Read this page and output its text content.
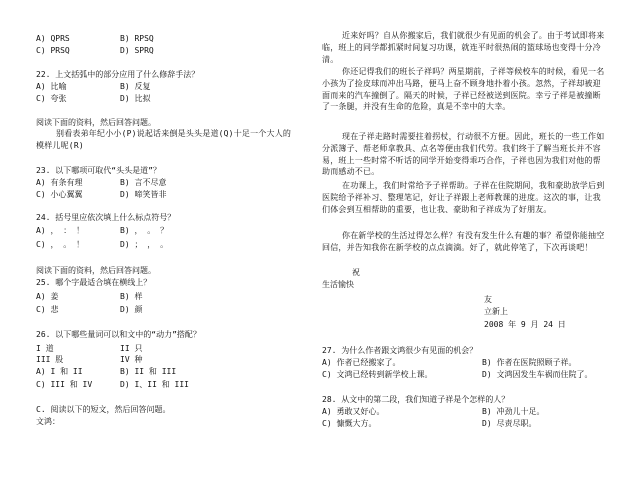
A) QPRS	B) RPSQ
C) PRSQ	D) SPRQ
22. 上文括弧中的部分应用了什么修辞手法？
A) 比喻	B) 反复
C) 夸张	D) 比拟
阅读下面的资料，然后回答问题。
别看表弟年纪小小(P)说起话来倒是头头是道(Q)十足一个大人的模样儿呢(R)
23. 以下哪项可取代“头头是道”？
A) 有条有理	B) 言不尽意
C) 小心翼翼	D) 啼笑皆非
24. 括号里应依次填上什么标点符号？
A) ， ： ！	B) ， 。 ？
C) ， 。 ！	D) ； ， 。
阅读下面的资料，然后回答问题。
25. 哪个字最适合填在横线上？
A) 姜	B) 样
C) 悲	D) 颜
26. 以下哪些量词可以和文中的“动力”搭配？
I 道	II 只
III 股	IV 种
A) I 和 II	B) II 和 III
C) III 和 IV	D) I、II 和 III
C. 阅读以下的短文，然后回答问题。
文鸿：
近来好吗？自从你搬家后，我们就很少有见面的机会了。由于考试即将来临，班上的同学都抓紧时间复习功课，就连平时很热闹的篮球场也变得十分冷清。
你还记得我们的班长子祥吗？两星期前，子祥等候校车的时候，看见一名小孩为了捡皮球而冲出马路，便马上奋不顾身地扑着小孩。忽然，子祥却被迎面而来的汽车撞倒了。隔天的时候，子祥已经被送到医院。幸亏子祥是被撞断了一条腿，并没有生命的危险，真是不幸中的大幸。
现在子祥走路时需要拄着拐杖，行动很不方便。因此，班长的一些工作如分派簿子、帮老师拿教具、点名等便由我们代劳。我们终于了解当班长并不容易，班上一些时常不听话的同学开始变得乖巧合作，子祥也因为我们对他的帮助而感动不已。
在功课上，我们时常给予子祥帮助。子祥在住院期间，我和豪助放学后到医院给予祥补习、整理笔记，好让子祥跟上老师教课的进度。这次的事，让我们体会到互相帮助的重要，也让我、豪助和子祥成为了好朋友。
你在新学校的生活过得怎么样？有没有发生什么有趣的事？希望你能抽空回信，并告知我你在新学校的点点滴滴。好了，就此停笔了，下次再谈吧！
祝
生活愉快
友
立新上
2008 年 9 月 24 日
27. 为什么作者跟文鸿很少有见面的机会？
A) 作者已经搬家了。	B) 作者在医院照顾子祥。
C) 文鸿已经转到新学校上课。	D) 文鸿因发生车祸而住院了。
28. 从文中的第二段，我们知道子祥是个怎样的人？
A) 勇敢又好心。	B) 冲劲儿十足。
C) 慷慨大方。	D) 尽责尽职。
